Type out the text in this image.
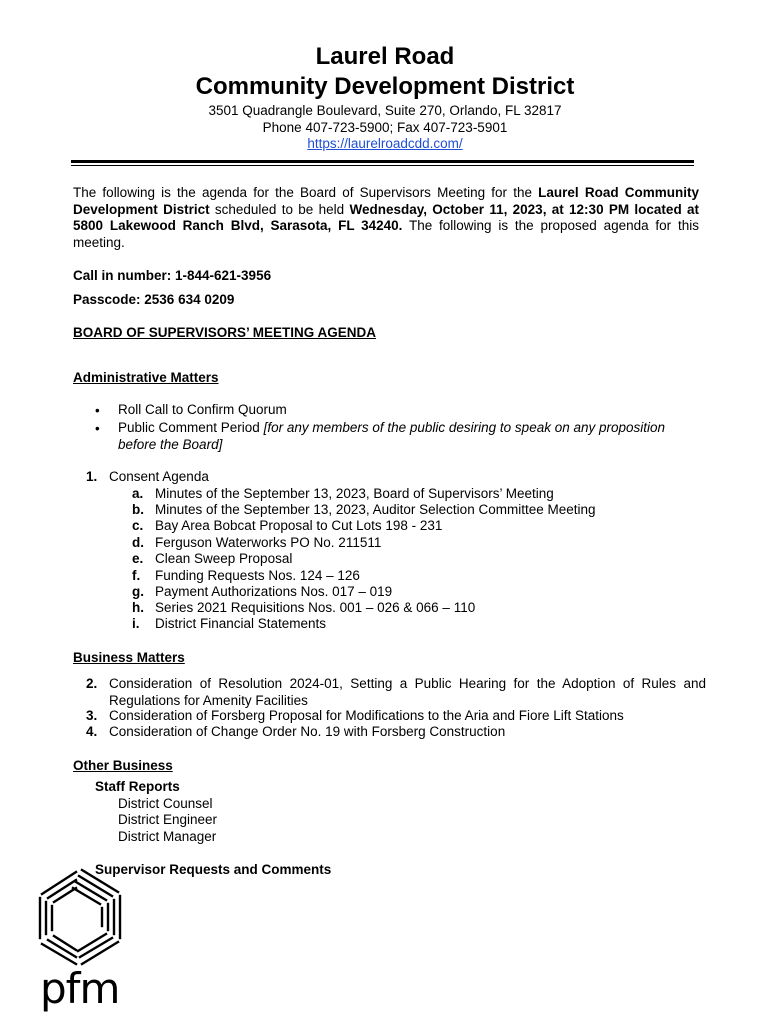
Laurel Road
Community Development District
3501 Quadrangle Boulevard, Suite 270, Orlando, FL 32817
Phone 407-723-5900; Fax 407-723-5901
https://laurelroadcdd.com/
The following is the agenda for the Board of Supervisors Meeting for the Laurel Road Community Development District scheduled to be held Wednesday, October 11, 2023, at 12:30 PM located at 5800 Lakewood Ranch Blvd, Sarasota, FL 34240. The following is the proposed agenda for this meeting.
Call in number: 1-844-621-3956
Passcode: 2536 634 0209
BOARD OF SUPERVISORS’ MEETING AGENDA
Administrative Matters
• Roll Call to Confirm Quorum
• Public Comment Period [for any members of the public desiring to speak on any proposition before the Board]
1. Consent Agenda
a. Minutes of the September 13, 2023, Board of Supervisors’ Meeting
b. Minutes of the September 13, 2023, Auditor Selection Committee Meeting
c. Bay Area Bobcat Proposal to Cut Lots 198 - 231
d. Ferguson Waterworks PO No. 211511
e. Clean Sweep Proposal
f.	Funding Requests Nos. 124 – 126
g. Payment Authorizations Nos. 017 – 019
h. Series 2021 Requisitions Nos. 001 – 026 & 066 – 110
i.	District Financial Statements
Business Matters
2. Consideration of Resolution 2024-01, Setting a Public Hearing for the Adoption of Rules and Regulations for Amenity Facilities
3. Consideration of Forsberg Proposal for Modifications to the Aria and Fiore Lift Stations
4. Consideration of Change Order No. 19 with Forsberg Construction
Other Business
Staff Reports
District Counsel
District Engineer
District Manager
Supervisor Requests and Comments
pfm
